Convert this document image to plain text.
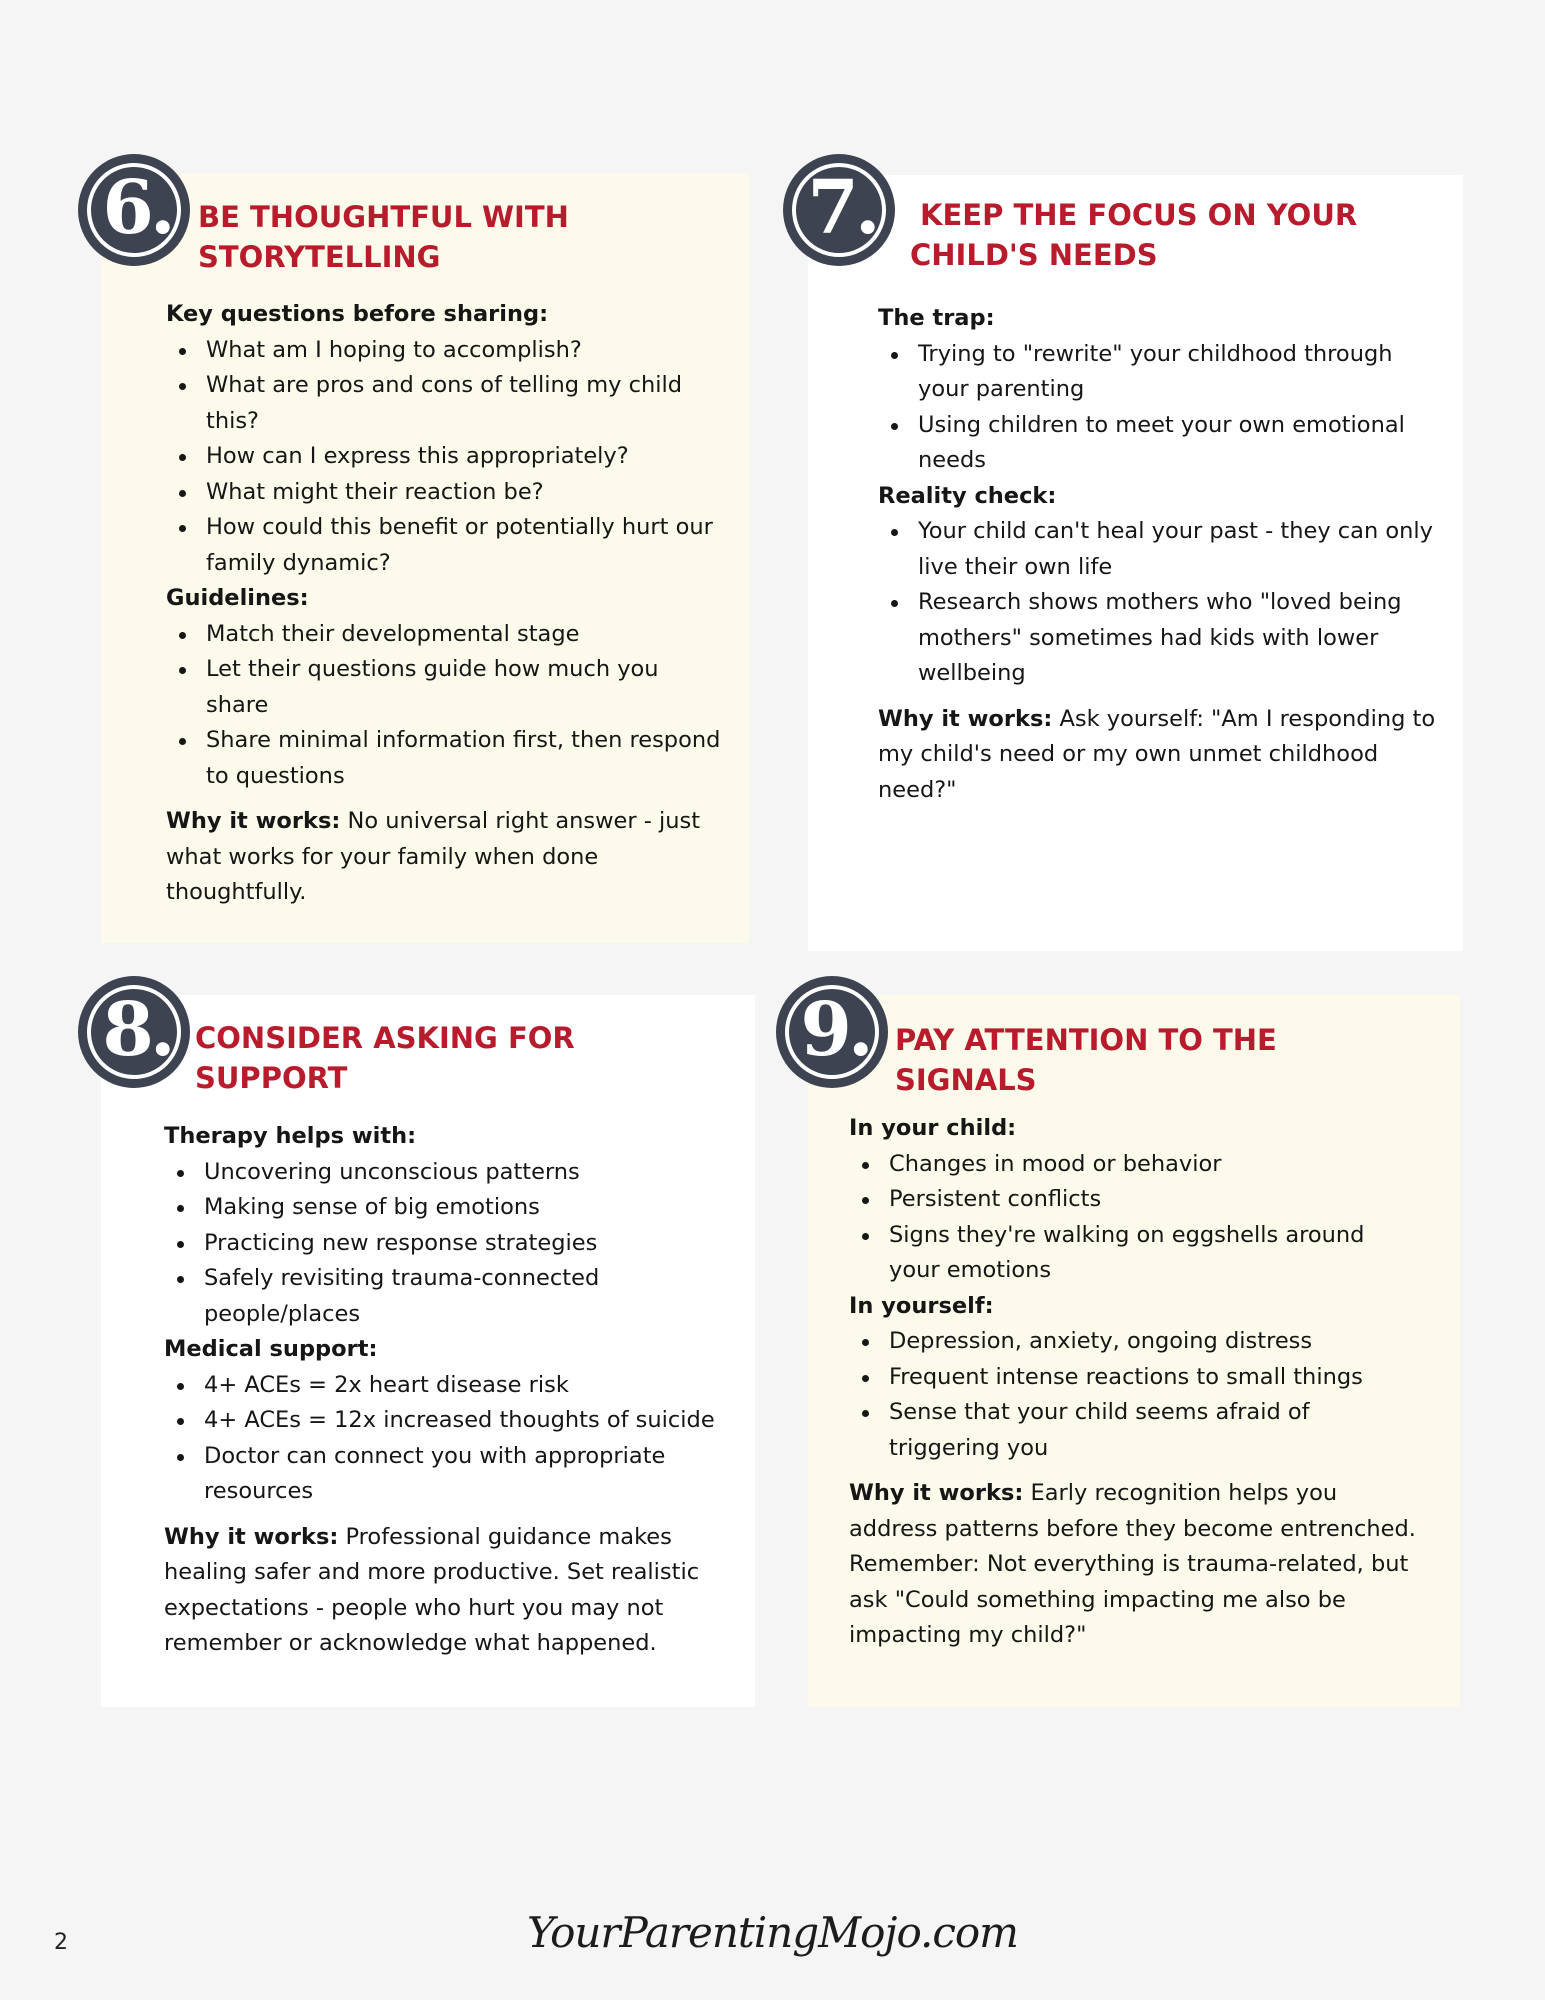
6. BE THOUGHTFUL WITH
STORYTELLING

Key questions before sharing:

What am I hoping to accomplish?
What are pros and cons of telling my child this?
How can I express this appropriately?
What might their reaction be?
How could this benefit or potentially hurt our family dynamic?

Guidelines:

Match their developmental stage
Let their questions guide how much you share
Share minimal information first, then respond to questions

Why it works: No universal right answer - just what works for your family when done thoughtfully.

7.	KEEP THE FOCUS ON YOUR
CHILD'S NEEDS

The trap:

Trying to "rewrite" your childhood through your parenting
Using children to meet your own emotional needs

Reality check:

Your child can't heal your past - they can only live their own life
Research shows mothers who "loved being mothers" sometimes had kids with lower wellbeing

Why it works: Ask yourself: "Am I responding to my child's need or my own unmet childhood need?"

8. CONSIDER ASKING FOR
SUPPORT

Therapy helps with:

Uncovering unconscious patterns
Making sense of big emotions
Practicing new response strategies
Safely revisiting trauma-connected people/places

Medical support:

4+ ACEs = 2x heart disease risk
4+ ACEs = 12x increased thoughts of suicide
Doctor can connect you with appropriate resources

Why it works: Professional guidance makes healing safer and more productive. Set realistic expectations - people who hurt you may not remember or acknowledge what happened.

9. PAY ATTENTION TO THE
SIGNALS

In your child:

Changes in mood or behavior
Persistent conflicts
Signs they're walking on eggshells around your emotions

In yourself:

Depression, anxiety, ongoing distress
Frequent intense reactions to small things
Sense that your child seems afraid of triggering you

Why it works: Early recognition helps you address patterns before they become entrenched. Remember: Not everything is trauma-related, but ask "Could something impacting me also be impacting my child?"

2	YourParentingMojo.com
